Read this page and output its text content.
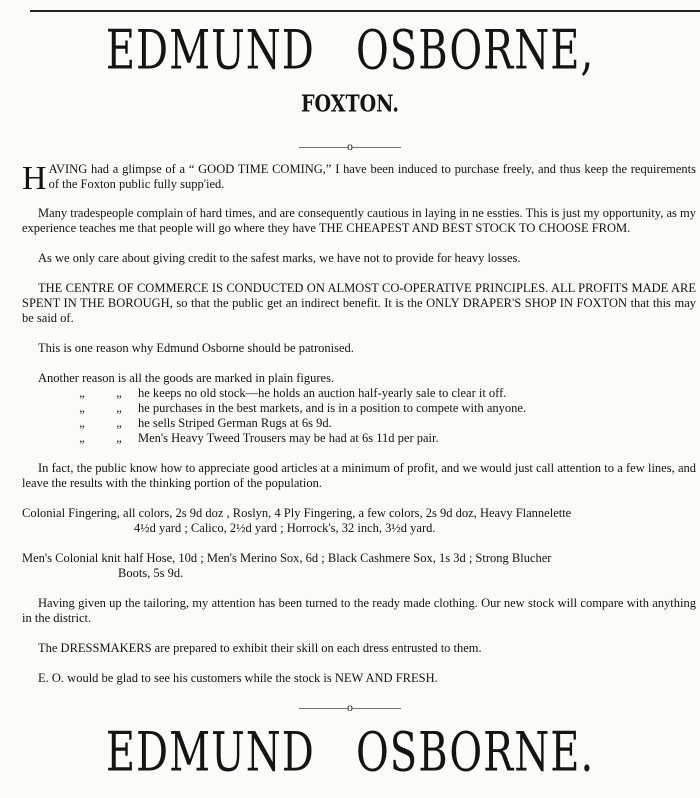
EDMUND   OSBORNE,
FOXTON.
————o————

HAVING had a glimpse of a “ GOOD TIME COMING,” I have been induced to purchase freely, and thus keep the requirements of the Foxton public fully supp'ied.

Many tradespeople complain of hard times, and are consequently cautious in laying in ne essties. This is just my opportunity, as my experience teaches me that people will go where they have THE CHEAPEST AND BEST STOCK TO CHOOSE FROM.

As we only care about giving credit to the safest marks, we have not to provide for heavy losses.

THE CENTRE OF COMMERCE IS CONDUCTED ON ALMOST CO-OPERATIVE PRINCIPLES. ALL PROFITS MADE ARE SPENT IN THE BOROUGH, so that the public get an indirect benefit. It is the ONLY DRAPER'S SHOP IN FOXTON that this may be said of.

This is one reason why Edmund Osborne should be patronised.

Another reason is all the goods are marked in plain figures.

„	„	he keeps no old stock—he holds an auction half-yearly sale to clear it off.
„	„	he purchases in the best markets, and is in a position to compete with anyone.
„	„	he sells Striped German Rugs at 6s 9d.
„	„	Men's Heavy Tweed Trousers may be had at 6s 11d per pair.

In fact, the public know how to appreciate good articles at a minimum of profit, and we would just call attention to a few lines, and leave the results with the thinking portion of the population.

Colonial Fingering, all colors, 2s 9d doz , Roslyn, 4 Ply Fingering, a few colors, 2s 9d doz, Heavy Flannelette

4½d yard ; Calico, 2½d yard ; Horrock's, 32 inch, 3½d yard.

Men's Colonial knit half Hose, 10d ; Men's Merino Sox, 6d ; Black Cashmere Sox, 1s 3d ; Strong Blucher

Boots, 5s 9d.

Having given up the tailoring, my attention has been turned to the ready made clothing. Our new stock will compare with anything in the district.

The DRESSMAKERS are prepared to exhibit their skill on each dress entrusted to them.

E. O. would be glad to see his customers while the stock is NEW AND FRESH.

————o————
EDMUND   OSBORNE.
